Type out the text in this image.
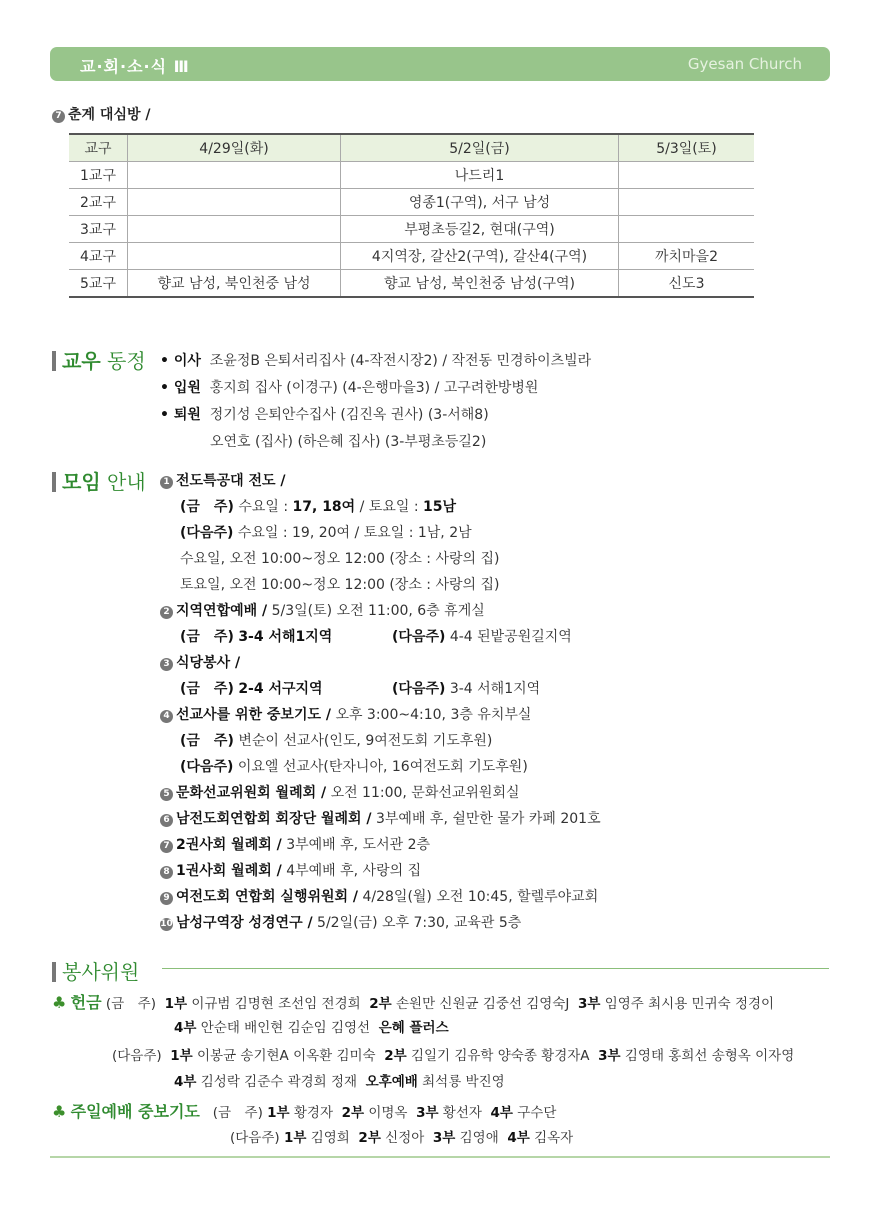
교·회·소·식 Ⅲ	Gyesan Church
7 춘계 대심방 /
교구	4/29일(화)	5/2일(금)	5/3일(토)
1교구		나드리1	
2교구		영종1(구역), 서구 남성	
3교구		부평초등길2, 현대(구역)	
4교구		4지역장, 갈산2(구역), 갈산4(구역)	까치마을2
5교구	향교 남성, 북인천중 남성	향교 남성, 북인천중 남성(구역)	신도3
교우 동정 • 이사 조윤정B 은퇴서리집사 (4-작전시장2) / 작전동 민경하이츠빌라
• 입원 홍지희 집사 (이경구) (4-은행마을3) / 고구려한방병원
• 퇴원 정기성 은퇴안수집사 (김진옥 권사) (3-서해8)
오연호 (집사) (하은혜 집사) (3-부평초등길2)
모임 안내	1 전도특공대 전도 /
(금　주) 수요일 : 17, 18여 / 토요일 : 15남
(다음주) 수요일 : 19, 20여 / 토요일 : 1남, 2남
수요일, 오전 10:00~정오 12:00 (장소 : 사랑의 집)
토요일, 오전 10:00~정오 12:00 (장소 : 사랑의 집)
2 지역연합예배 / 5/3일(토) 오전 11:00, 6층 휴게실
(금　주) 3-4 서해1지역	(다음주) 4-4 된밭공원길지역
3 식당봉사 /
(금　주) 2-4 서구지역	(다음주) 3-4 서해1지역
4 선교사를 위한 중보기도 / 오후 3:00~4:10, 3층 유치부실
(금　주) 변순이 선교사(인도, 9여전도회 기도후원)
(다음주) 이요엘 선교사(탄자니아, 16여전도회 기도후원)
5 문화선교위원회 월례회 / 오전 11:00, 문화선교위원회실
6 남전도회연합회 회장단 월례회 / 3부예배 후, 쉴만한 물가 카페 201호
7 2권사회 월례회 / 3부예배 후, 도서관 2층
8 1권사회 월례회 / 4부예배 후, 사랑의 집
9 여전도회 연합회 실행위원회 / 4/28일(월) 오전 10:45, 할렐루야교회
10 남성구역장 성경연구 / 5/2일(금) 오후 7:30, 교육관 5층
봉사위원
♣ 헌금 (금　주) 1부 이규범 김명현 조선임 전경희 2부 손원만 신원균 김중선 김영숙J 3부 임영주 최시용 민귀숙 정경이
4부 안순태 배인현 김순임 김영선 은혜 플러스
(다음주) 1부 이봉균 송기현A 이옥환 김미숙 2부 김일기 김유학 양숙종 황경자A 3부 김영태 홍희선 송형옥 이자영
4부 김성락 김준수 곽경희 정재 오후예배 최석룡 박진영
♣ 주일예배 중보기도 (금　주) 1부 황경자 2부 이명옥 3부 황선자 4부 구수단
(다음주) 1부 김영희 2부 신정아 3부 김영애 4부 김옥자
